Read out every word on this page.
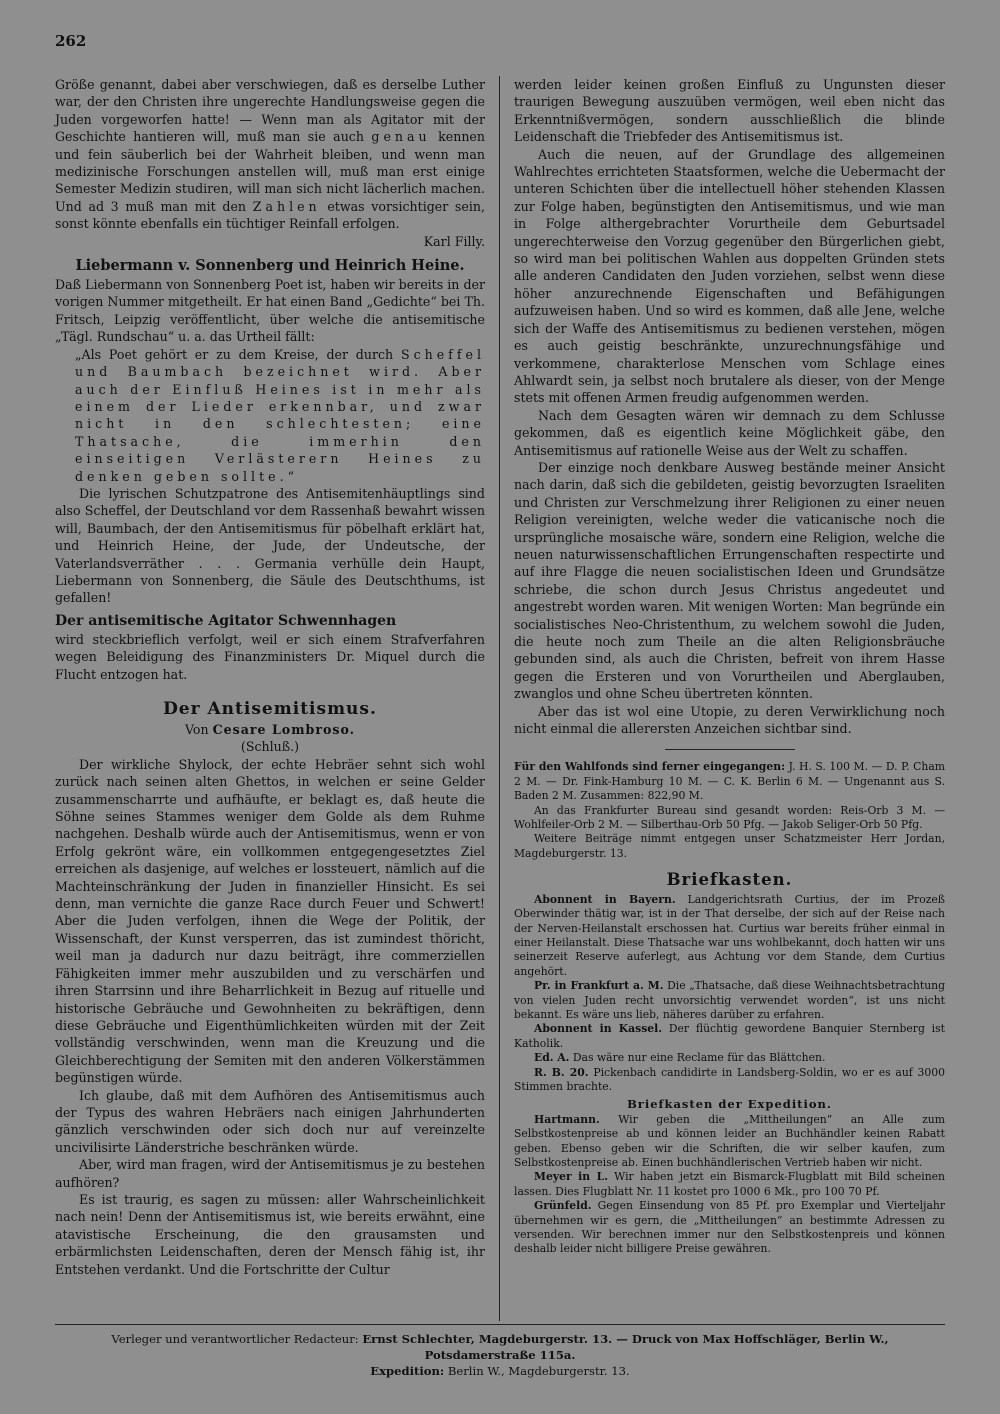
262

Größe genannt, dabei aber verschwiegen, daß es derselbe Luther war, der den Christen ihre ungerechte Handlungsweise gegen die Juden vorgeworfen hatte! — Wenn man als Agitator mit der Geschichte hantieren will, muß man sie auch genau kennen und fein säuberlich bei der Wahrheit bleiben, und wenn man medizinische Forschungen anstellen will, muß man erst einige Semester Medizin studiren, will man sich nicht lächerlich machen. Und ad 3 muß man mit den Zahlen etwas vorsichtiger sein, sonst könnte ebenfalls ein tüchtiger Reinfall erfolgen.

Karl Filly.

Liebermann v. Sonnenberg und Heinrich Heine.

Daß Liebermann von Sonnenberg Poet ist, haben wir bereits in der vorigen Nummer mitgetheilt. Er hat einen Band „Gedichte“ bei Th. Fritsch, Leipzig veröffentlicht, über welche die antisemitische „Tägl. Rundschau“ u. a. das Urtheil fällt:

„Als Poet gehört er zu dem Kreise, der durch Scheffel und Baumbach bezeichnet wird. Aber auch der Einfluß Heines ist in mehr als einem der Lieder erkennbar, und zwar nicht in den schlechtesten; eine Thatsache, die immerhin den einseitigen Verlästerern Heines zu denken geben sollte.“

Die lyrischen Schutzpatrone des Antisemitenhäuptlings sind also Scheffel, der Deutschland vor dem Rassenhaß bewahrt wissen will, Baumbach, der den Antisemitismus für pöbelhaft erklärt hat, und Heinrich Heine, der Jude, der Undeutsche, der Vaterlandsverräther . . . Germania verhülle dein Haupt, Liebermann von Sonnenberg, die Säule des Deutschthums, ist gefallen!

Der antisemitische Agitator Schwennhagen

wird steckbrieflich verfolgt, weil er sich einem Strafverfahren wegen Beleidigung des Finanzministers Dr. Miquel durch die Flucht entzogen hat.

Der Antisemitismus.
Von Cesare Lombroso.
(Schluß.)

Der wirkliche Shylock, der echte Hebräer sehnt sich wohl zurück nach seinen alten Ghettos, in welchen er seine Gelder zusammenscharrte und aufhäufte, er beklagt es, daß heute die Söhne seines Stammes weniger dem Golde als dem Ruhme nachgehen. Deshalb würde auch der Antisemitismus, wenn er von Erfolg gekrönt wäre, ein vollkommen entgegengesetztes Ziel erreichen als dasjenige, auf welches er lossteuert, nämlich auf die Machteinschränkung der Juden in finanzieller Hinsicht. Es sei denn, man vernichte die ganze Race durch Feuer und Schwert! Aber die Juden verfolgen, ihnen die Wege der Politik, der Wissenschaft, der Kunst versperren, das ist zumindest thöricht, weil man ja dadurch nur dazu beiträgt, ihre commerziellen Fähigkeiten immer mehr auszubilden und zu verschärfen und ihren Starrsinn und ihre Beharrlichkeit in Bezug auf rituelle und historische Gebräuche und Gewohnheiten zu bekräftigen, denn diese Gebräuche und Eigenthümlichkeiten würden mit der Zeit vollständig verschwinden, wenn man die Kreuzung und die Gleichberechtigung der Semiten mit den anderen Völkerstämmen begünstigen würde.

Ich glaube, daß mit dem Aufhören des Antisemitismus auch der Typus des wahren Hebräers nach einigen Jahrhunderten gänzlich verschwinden oder sich doch nur auf vereinzelte uncivilisirte Länderstriche beschränken würde.

Aber, wird man fragen, wird der Antisemitismus je zu bestehen aufhören?

Es ist traurig, es sagen zu müssen: aller Wahrscheinlichkeit nach nein! Denn der Antisemitismus ist, wie bereits erwähnt, eine atavistische Erscheinung, die den grausamsten und erbärmlichsten Leidenschaften, deren der Mensch fähig ist, ihr Entstehen verdankt. Und die Fortschritte der Cultur

werden leider keinen großen Einfluß zu Ungunsten dieser traurigen Bewegung auszuüben vermögen, weil eben nicht das Erkenntnißvermögen, sondern ausschließlich die blinde Leidenschaft die Triebfeder des Antisemitismus ist.

Auch die neuen, auf der Grundlage des allgemeinen Wahlrechtes errichteten Staatsformen, welche die Uebermacht der unteren Schichten über die intellectuell höher stehenden Klassen zur Folge haben, begünstigten den Antisemitismus, und wie man in Folge althergebrachter Vorurtheile dem Geburtsadel ungerechterweise den Vorzug gegenüber den Bürgerlichen giebt, so wird man bei politischen Wahlen aus doppelten Gründen stets alle anderen Candidaten den Juden vorziehen, selbst wenn diese höher anzurechnende Eigenschaften und Befähigungen aufzuweisen haben. Und so wird es kommen, daß alle Jene, welche sich der Waffe des Antisemitismus zu bedienen verstehen, mögen es auch geistig beschränkte, unzurechnungsfähige und verkommene, charakterlose Menschen vom Schlage eines Ahlwardt sein, ja selbst noch brutalere als dieser, von der Menge stets mit offenen Armen freudig aufgenommen werden.

Nach dem Gesagten wären wir demnach zu dem Schlusse gekommen, daß es eigentlich keine Möglichkeit gäbe, den Antisemitismus auf rationelle Weise aus der Welt zu schaffen.

Der einzige noch denkbare Ausweg bestände meiner Ansicht nach darin, daß sich die gebildeten, geistig bevorzugten Israeliten und Christen zur Verschmelzung ihrer Religionen zu einer neuen Religion vereinigten, welche weder die vaticanische noch die ursprüngliche mosaische wäre, sondern eine Religion, welche die neuen naturwissenschaftlichen Errungenschaften respectirte und auf ihre Flagge die neuen socialistischen Ideen und Grundsätze schriebe, die schon durch Jesus Christus angedeutet und angestrebt worden waren. Mit wenigen Worten: Man begründe ein socialistisches Neo-Christenthum, zu welchem sowohl die Juden, die heute noch zum Theile an die alten Religionsbräuche gebunden sind, als auch die Christen, befreit von ihrem Hasse gegen die Ersteren und von Vorurtheilen und Aberglauben, zwanglos und ohne Scheu übertreten könnten.

Aber das ist wol eine Utopie, zu deren Verwirklichung noch nicht einmal die allerersten Anzeichen sichtbar sind.

Für den Wahlfonds sind ferner eingegangen: J. H. S. 100 M. — D. P. Cham 2 M. — Dr. Fink-Hamburg 10 M. — C. K. Berlin 6 M. — Ungenannt aus S. Baden 2 M. Zusammen: 822,90 M.

An das Frankfurter Bureau sind gesandt worden: Reis-Orb 3 M. — Wohlfeiler-Orb 2 M. — Silberthau-Orb 50 Pfg. — Jakob Seliger-Orb 50 Pfg.

Weitere Beiträge nimmt entgegen unser Schatzmeister Herr Jordan, Magdeburgerstr. 13.

Briefkasten.

Abonnent in Bayern. Landgerichtsrath Curtius, der im Prozeß Oberwinder thätig war, ist in der That derselbe, der sich auf der Reise nach der Nerven-Heilanstalt erschossen hat. Curtius war bereits früher einmal in einer Heilanstalt. Diese Thatsache war uns wohlbekannt, doch hatten wir uns seinerzeit Reserve auferlegt, aus Achtung vor dem Stande, dem Curtius angehört.

Pr. in Frankfurt a. M. Die „Thatsache, daß diese Weihnachtsbetrachtung von vielen Juden recht unvorsichtig verwendet worden“, ist uns nicht bekannt. Es wäre uns lieb, näheres darüber zu erfahren.

Abonnent in Kassel. Der flüchtig gewordene Banquier Sternberg ist Katholik.

Ed. A. Das wäre nur eine Reclame für das Blättchen.

R. B. 20. Pickenbach candidirte in Landsberg-Soldin, wo er es auf 3000 Stimmen brachte.

Briefkasten der Expedition.

Hartmann. Wir geben die „Mittheilungen“ an Alle zum Selbstkostenpreise ab und können leider an Buchhändler keinen Rabatt geben. Ebenso geben wir die Schriften, die wir selber kaufen, zum Selbstkostenpreise ab. Einen buchhändlerischen Vertrieb haben wir nicht.

Meyer in L. Wir haben jetzt ein Bismarck-Flugblatt mit Bild scheinen lassen. Dies Flugblatt Nr. 11 kostet pro 1000 6 Mk., pro 100 70 Pf.

Grünfeld. Gegen Einsendung von 85 Pf. pro Exemplar und Vierteljahr übernehmen wir es gern, die „Mittheilungen“ an bestimmte Adressen zu versenden. Wir berechnen immer nur den Selbstkostenpreis und können deshalb leider nicht billigere Preise gewähren.

Verleger und verantwortlicher Redacteur: Ernst Schlechter, Magdeburgerstr. 13. — Druck von Max Hoffschläger, Berlin W., Potsdamerstraße 115a.
Expedition: Berlin W., Magdeburgerstr. 13.
